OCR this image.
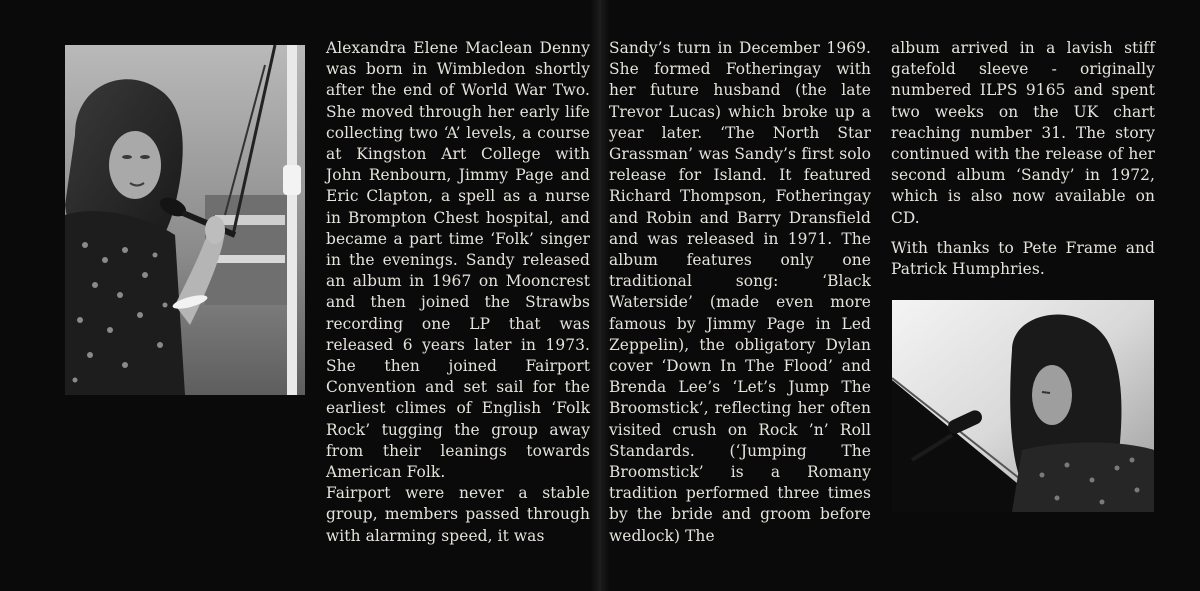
Alexandra Elene Maclean Denny was born in Wimbledon shortly after the end of World War Two. She moved through her early life collecting two ‘A’ levels, a course at Kingston Art College with John Renbourn, Jimmy Page and Eric Clapton, a spell as a nurse in Brompton Chest hospital, and became a part time ‘Folk’ singer in the evenings. Sandy released an album in 1967 on Mooncrest and then joined the Strawbs recording one LP that was released 6 years later in 1973. She then joined Fairport Convention and set sail for the earliest climes of English ‘Folk Rock’ tugging the group away from their leanings towards American Folk.

Fairport were never a stable group, members passed through with alarming speed, it was

Sandy’s turn in December 1969. She formed Fotheringay with her future husband (the late Trevor Lucas) which broke up a year later. ‘The North Star Grassman’ was Sandy’s first solo release for Island. It featured Richard Thompson, Fotheringay and Robin and Barry Dransfield and was released in 1971. The album features only one traditional song: ‘Black Waterside’ (made even more famous by Jimmy Page in Led Zeppelin), the obligatory Dylan cover ‘Down In The Flood’ and Brenda Lee’s ‘Let’s Jump The Broomstick’, reflecting her often visited crush on Rock ’n’ Roll Standards. (‘Jumping The Broomstick’ is a Romany tradition performed three times by the bride and groom before wedlock) The

album arrived in a lavish stiff gatefold sleeve - originally numbered ILPS 9165 and spent two weeks on the UK chart reaching number 31. The story continued with the release of her second album ‘Sandy’ in 1972, which is also now available on CD.

With thanks to Pete Frame and Patrick Humphries.
